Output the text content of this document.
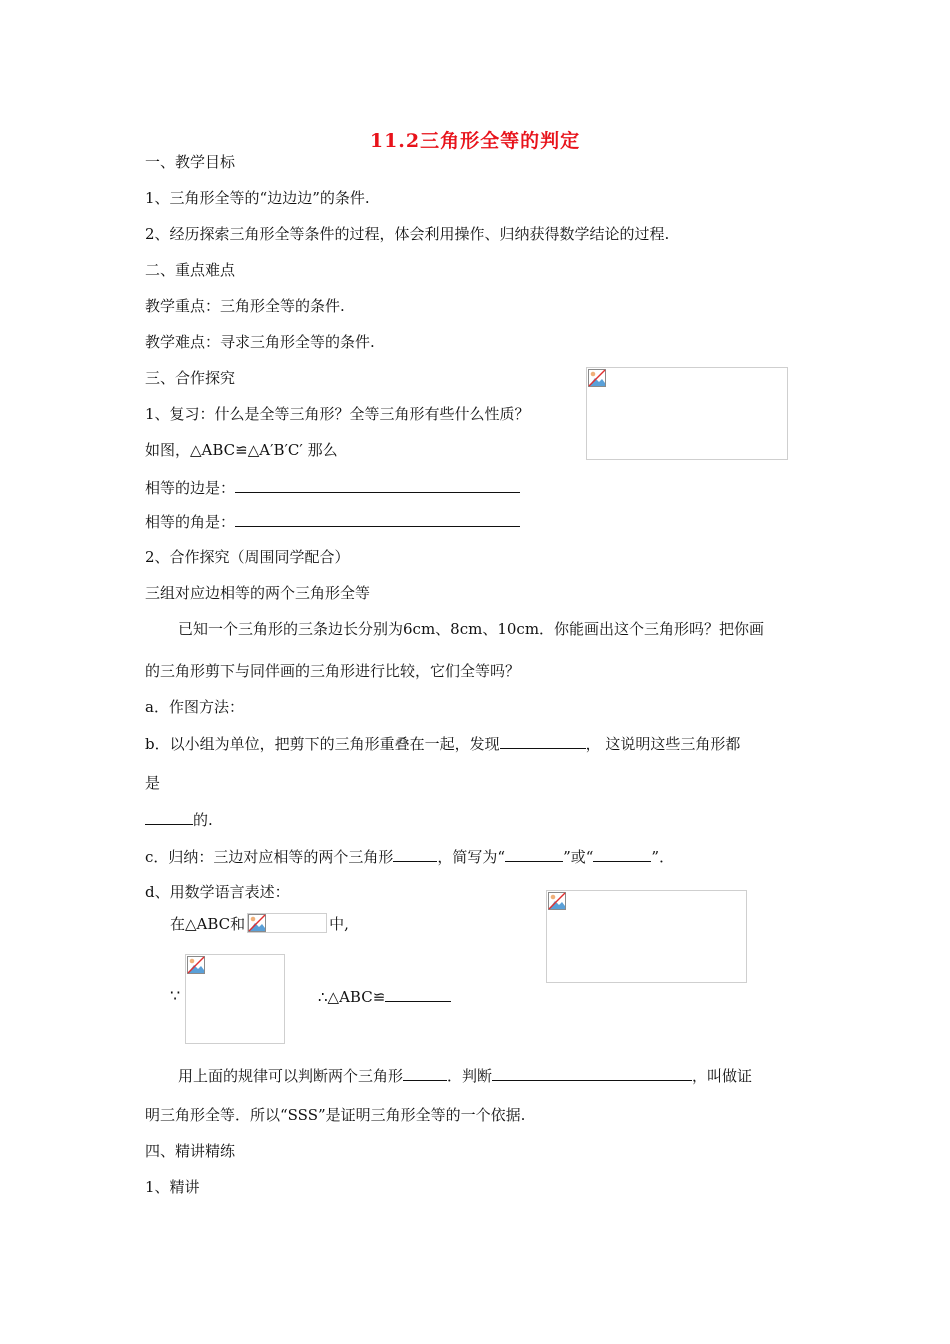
11.2三角形全等的判定
一、教学目标
1、三角形全等的“边边边”的条件.
2、经历探索三角形全等条件的过程，体会利用操作、归纳获得数学结论的过程.
二、重点难点
教学重点：三角形全等的条件.
教学难点：寻求三角形全等的条件.
三、合作探究
1、复习：什么是全等三角形？全等三角形有些什么性质？
如图，△ABC≌△A′B′C′ 那么
相等的边是：
相等的角是：
2、合作探究（周围同学配合）
三组对应边相等的两个三角形全等
已知一个三角形的三条边长分别为6cm、8cm、10cm．你能画出这个三角形吗？把你画
的三角形剪下与同伴画的三角形进行比较，它们全等吗？
a．作图方法：
b．以小组为单位，把剪下的三角形重叠在一起，发现	， 这说明这些三角形都
是
的.
c．归纳：三边对应相等的两个三角形	，简写为“	”或“	”．
d、用数学语言表述：
在△ABC和	中,
∵	∴△ABC≌
用上面的规律可以判断两个三角形	．判断	，叫做证
明三角形全等．所以“SSS”是证明三角形全等的一个依据.
四、精讲精练
1、精讲
